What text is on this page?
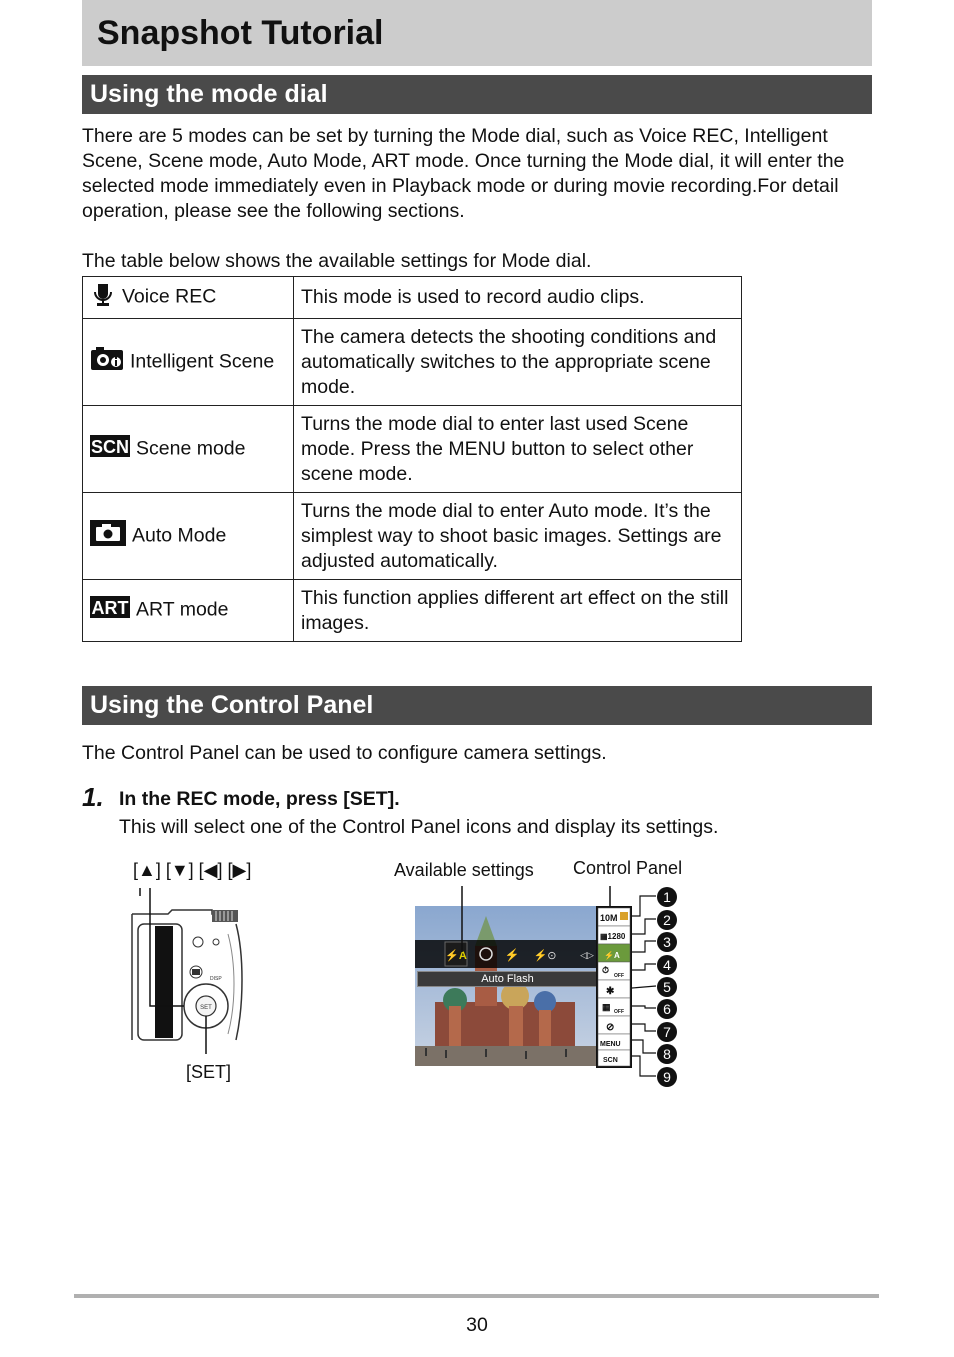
Snapshot Tutorial
Using the mode dial
There are 5 modes can be set by turning the Mode dial, such as Voice REC, Intelligent Scene, Scene mode, Auto Mode, ART mode. Once turning the Mode dial, it will enter the selected mode immediately even in Playback mode or during movie recording.For detail operation, please see the following sections.
The table below shows the available settings for Mode dial.
Voice REC	This mode is used to record audio clips.
Intelligent Scene	The camera detects the shooting conditions and automatically switches to the appropriate scene mode.

SCN Scene mode	Turns the mode dial to enter last used Scene mode. Press the MENU button to select other scene mode.
Auto Mode	Turns the mode dial to enter Auto mode. It’s the simplest way to shoot basic images. Settings are adjusted automatically.

ART ART mode	This function applies different art effect on the still images.
Using the Control Panel
The Control Panel can be used to configure camera settings.
1. In the REC mode, press [SET].
This will select one of the Control Panel icons and display its settings.
[▲] [▼] [◀] [▶]
[SET]
Available settings Control Panel
DISP
SET
⚡A	⚡ ⚡⊙	◁▷
Auto Flash
10M
▦1280
⚡A
⏱
OFF
✱
▦ OFF
⊘
MENU
SCN
1
2
3
4
5
6
7
8
9
30
